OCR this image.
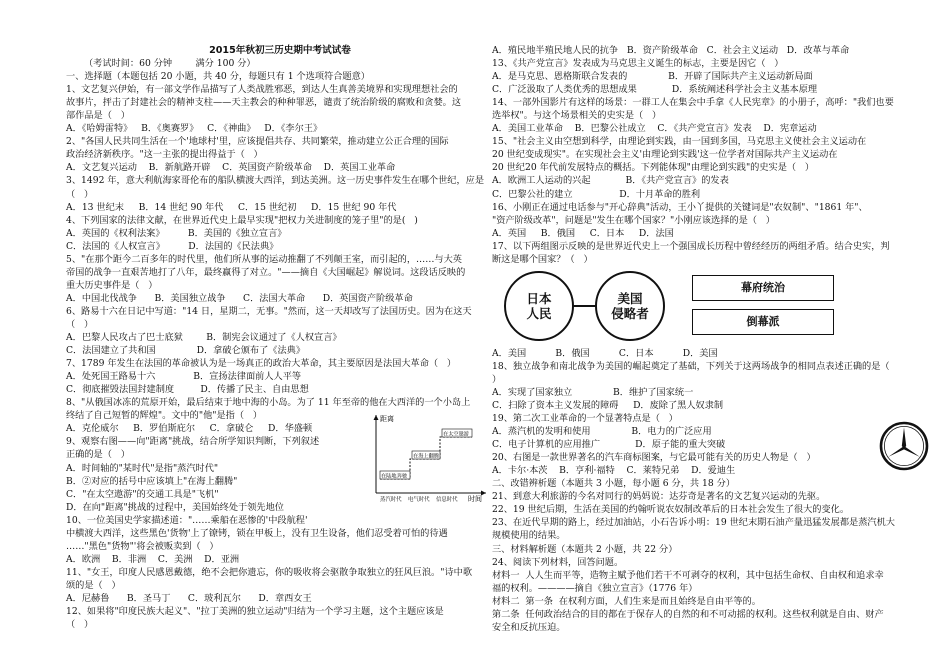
2015年秋初三历史期中考试试卷

（考试时间：60 分钟        满分 100 分）

一、选择题（本题包括 20 小题，共 40 分，每题只有 1 个选项符合题意）

1、文艺复兴伊始，有一部文学作品描写了人类战胜邪恶，到达人生真善美境界和实现理想社会的

故事片，抨击了封建社会的精神支柱——天主教会的种种罪恶，谴责了统治阶级的腐败和贪婪。这

部作品是（   ）

A．《哈姆雷特》   B．《奥赛罗》   C．《神曲》   D．《李尔王》

2、"各国人民共同生活在一个'地球村'里，应该提倡共存、共同繁荣，推动建立公正合理的国际

政治经济新秩序。"这一主张的提出得益于（   ）

A．文艺复兴运动    B．新航路开辟    C．英国资产阶级革命    D．英国工业革命

3、1492 年，意大利航海家哥伦布的船队横渡大西洋，到达美洲。这一历史事件发生在哪个世纪，应是

（   ）

A．13 世纪末     B．14 世纪 90 年代     C．15 世纪初     D．15 世纪 90 年代

4、下列国家的法律文献，在世界近代史上最早实现"把权力关进制度的笼子里"的是(   )

A．英国的《权利法案》        B．美国的《独立宣言》

C．法国的《人权宣言》        D．法国的《民法典》

5、"在那个距今二百多年的时代里，他们所从事的运动推翻了不列颠王室，而引起的，……与大英

帝国的战争一直艰苦地打了八年，最终赢得了对立。"——摘自《大国崛起》解说词。这段话反映的

重大历史事件是（   ）

A．中国北伐战争      B．美国独立战争      C．法国大革命      D．英国资产阶级革命

6、路易十六在日记中写道："14 日，星期二，无事。"然而，这一天却改写了法国历史。因为在这天

（   ）

A．巴黎人民攻占了巴士底狱        B．制宪会议通过了《人权宣言》

C．法国建立了共和国              D．拿破仑颁布了《法典》

7、1789 年发生在法国的革命被认为是一场真正的政治大革命，其主要原因是法国大革命（   ）

A．处死国王路易十六             B．宣扬法律面前人人平等

C．彻底摧毁法国封建制度         D．传播了民主、自由思想

8、"从俄国冰冻的荒原开始，最后结束于地中海的小岛。为了 11 年至帝的他在大西洋的一个小岛上

终结了自己短暂的辉煌"。文中的"他"是指（   ）

A．克伦威尔     B．罗伯斯庇尔     C．拿破仑     D．华盛顿

9、观察右图——向"距离"挑战，结合所学知识判断，下列叙述

正确的是（   ）

A．时间轴的"某时代"是指"蒸汽时代"

B．②对应的括号中应该填上"在海上翻腾"

C．"在太空遨游"的交通工具是"飞机"

D．在向"距离"挑战的过程中，美国始终处于领先地位

距离
时间
在陆地奔驰
在海上翻腾
在太空遨游
蒸汽时代 电气时代 信息时代

10、一位美国史学家描述道："……乘船在恶惨的'中段航程'

中横渡大西洋，这些黑色'货物'上了镣铐，锁在甲板上，没有卫生设备，他们忍受着可怕的待遇

……"黑色"货物"'将会被贩卖到（   ）

A．欧洲    B．非洲    C．美洲    D．亚洲

11、"女王，印度人民感恩戴德，绝不会把你遗忘，你的吸收将会驱散争取独立的狂风巨浪。"诗中歌

颂的是（   ）

A．尼赫鲁      B．圣马丁      C．玻利瓦尔      D．章西女王

12、如果将"印度民族大起义"、"拉丁美洲的独立运动"归结为一个学习主题，这个主题应该是

（   ）

A．殖民地半殖民地人民的抗争   B．资产阶级革命   C．社会主义运动   D．改革与革命

13、《共产党宣言》发表成为马克思主义诞生的标志，主要是因它（   ）

A．是马克思、恩格斯联合发表的              B．开辟了国际共产主义运动新局面

C．广泛汲取了人类优秀的思想成果            D．系统阐述科学社会主义基本原理

14、一部外国影片有这样的场景：一群工人在集会中手拿《人民宪章》的小册子，高呼："我们也要

选举权"。与这个场景相关的史实是（   ）

A．美国工业革命    B．巴黎公社成立    C．《共产党宣言》发表    D．宪章运动

15、"社会主义由空想到科学，由理论到实践，由一国到多国，马克思主义使社会主义运动在

20 世纪变成现实"。在实现社会主义'由理论到实践'这一位学者对国际共产主义运动在

20 世纪20 年代前发展特点的概括。下列能体现"由理论到实践"的史实是（   ）

A．欧洲工人运动的兴起            B．《共产党宣言》的发表

C．巴黎公社的建立                D．十月革命的胜利

16、小刚正在通过电话参与"开心辞典"活动，王小丫提供的关键词是"农奴制"、"1861 年"、

"资产阶级改革"，问题是"发生在哪个国家？"小刚应该选择的是（   ）

A．英国     B．俄国     C．日本     D．法国

17、以下两组图示反映的是世界近代史上一个强国成长历程中曾经经历的两组矛盾。结合史实，判

断这是哪个国家？（   ）

日本
人民
美国
侵略者
幕府统治
倒幕派

A．美国          B．俄国          C．日本          D．美国

18、独立战争和南北战争为美国的崛起奠定了基础，下列关于这两场战争的相同点表述正确的是（

）

A．实现了国家独立              B．维护了国家统一

C．扫除了资本主义发展的障碍     D．废除了黑人奴隶制

19、第二次工业革命的一个显著特点是（   ）

A．蒸汽机的发明和使用              B．电力的广泛应用

C．电子计算机的应用推广            D．原子能的重大突破

20、右图是一款世界著名的汽车商标图案，与它最可能有关的历史人物是（   ）

A．卡尔·本茨    B．亨利·福特    C．莱特兄弟    D．爱迪生

二、改错辨析题（本题共 3 小题，每小题 6 分，共 18 分）

21、到意大利旅游的今名对同行的妈妈说：达芬奇是著名的文艺复兴运动的先驱。

22、19 世纪后期，生活在美国的约翰听说农奴制改革后的日本社会发生了很大的变化。

23、在近代早期的路上，经过加油站，小石告诉小明：19 世纪末期石油产量迅猛发展都是蒸汽机大

规模使用的结果。

三、材料解析题（本题共 2 小题，共 22 分）

24、阅读下列材料，回答问题。

材料一  人人生而平等，造物主赋予他们若干不可剥夺的权利，其中包括生命权、自由权和追求幸

福的权利。————摘自《独立宣言》（1776 年）

材料二  第一条  在权利方面，人们生来是而且始终是自由平等的。

第二条  任何政治结合的目的都在于保存人的自然的和不可动摇的权利。这些权利就是自由、财产

安全和反抗压迫。
